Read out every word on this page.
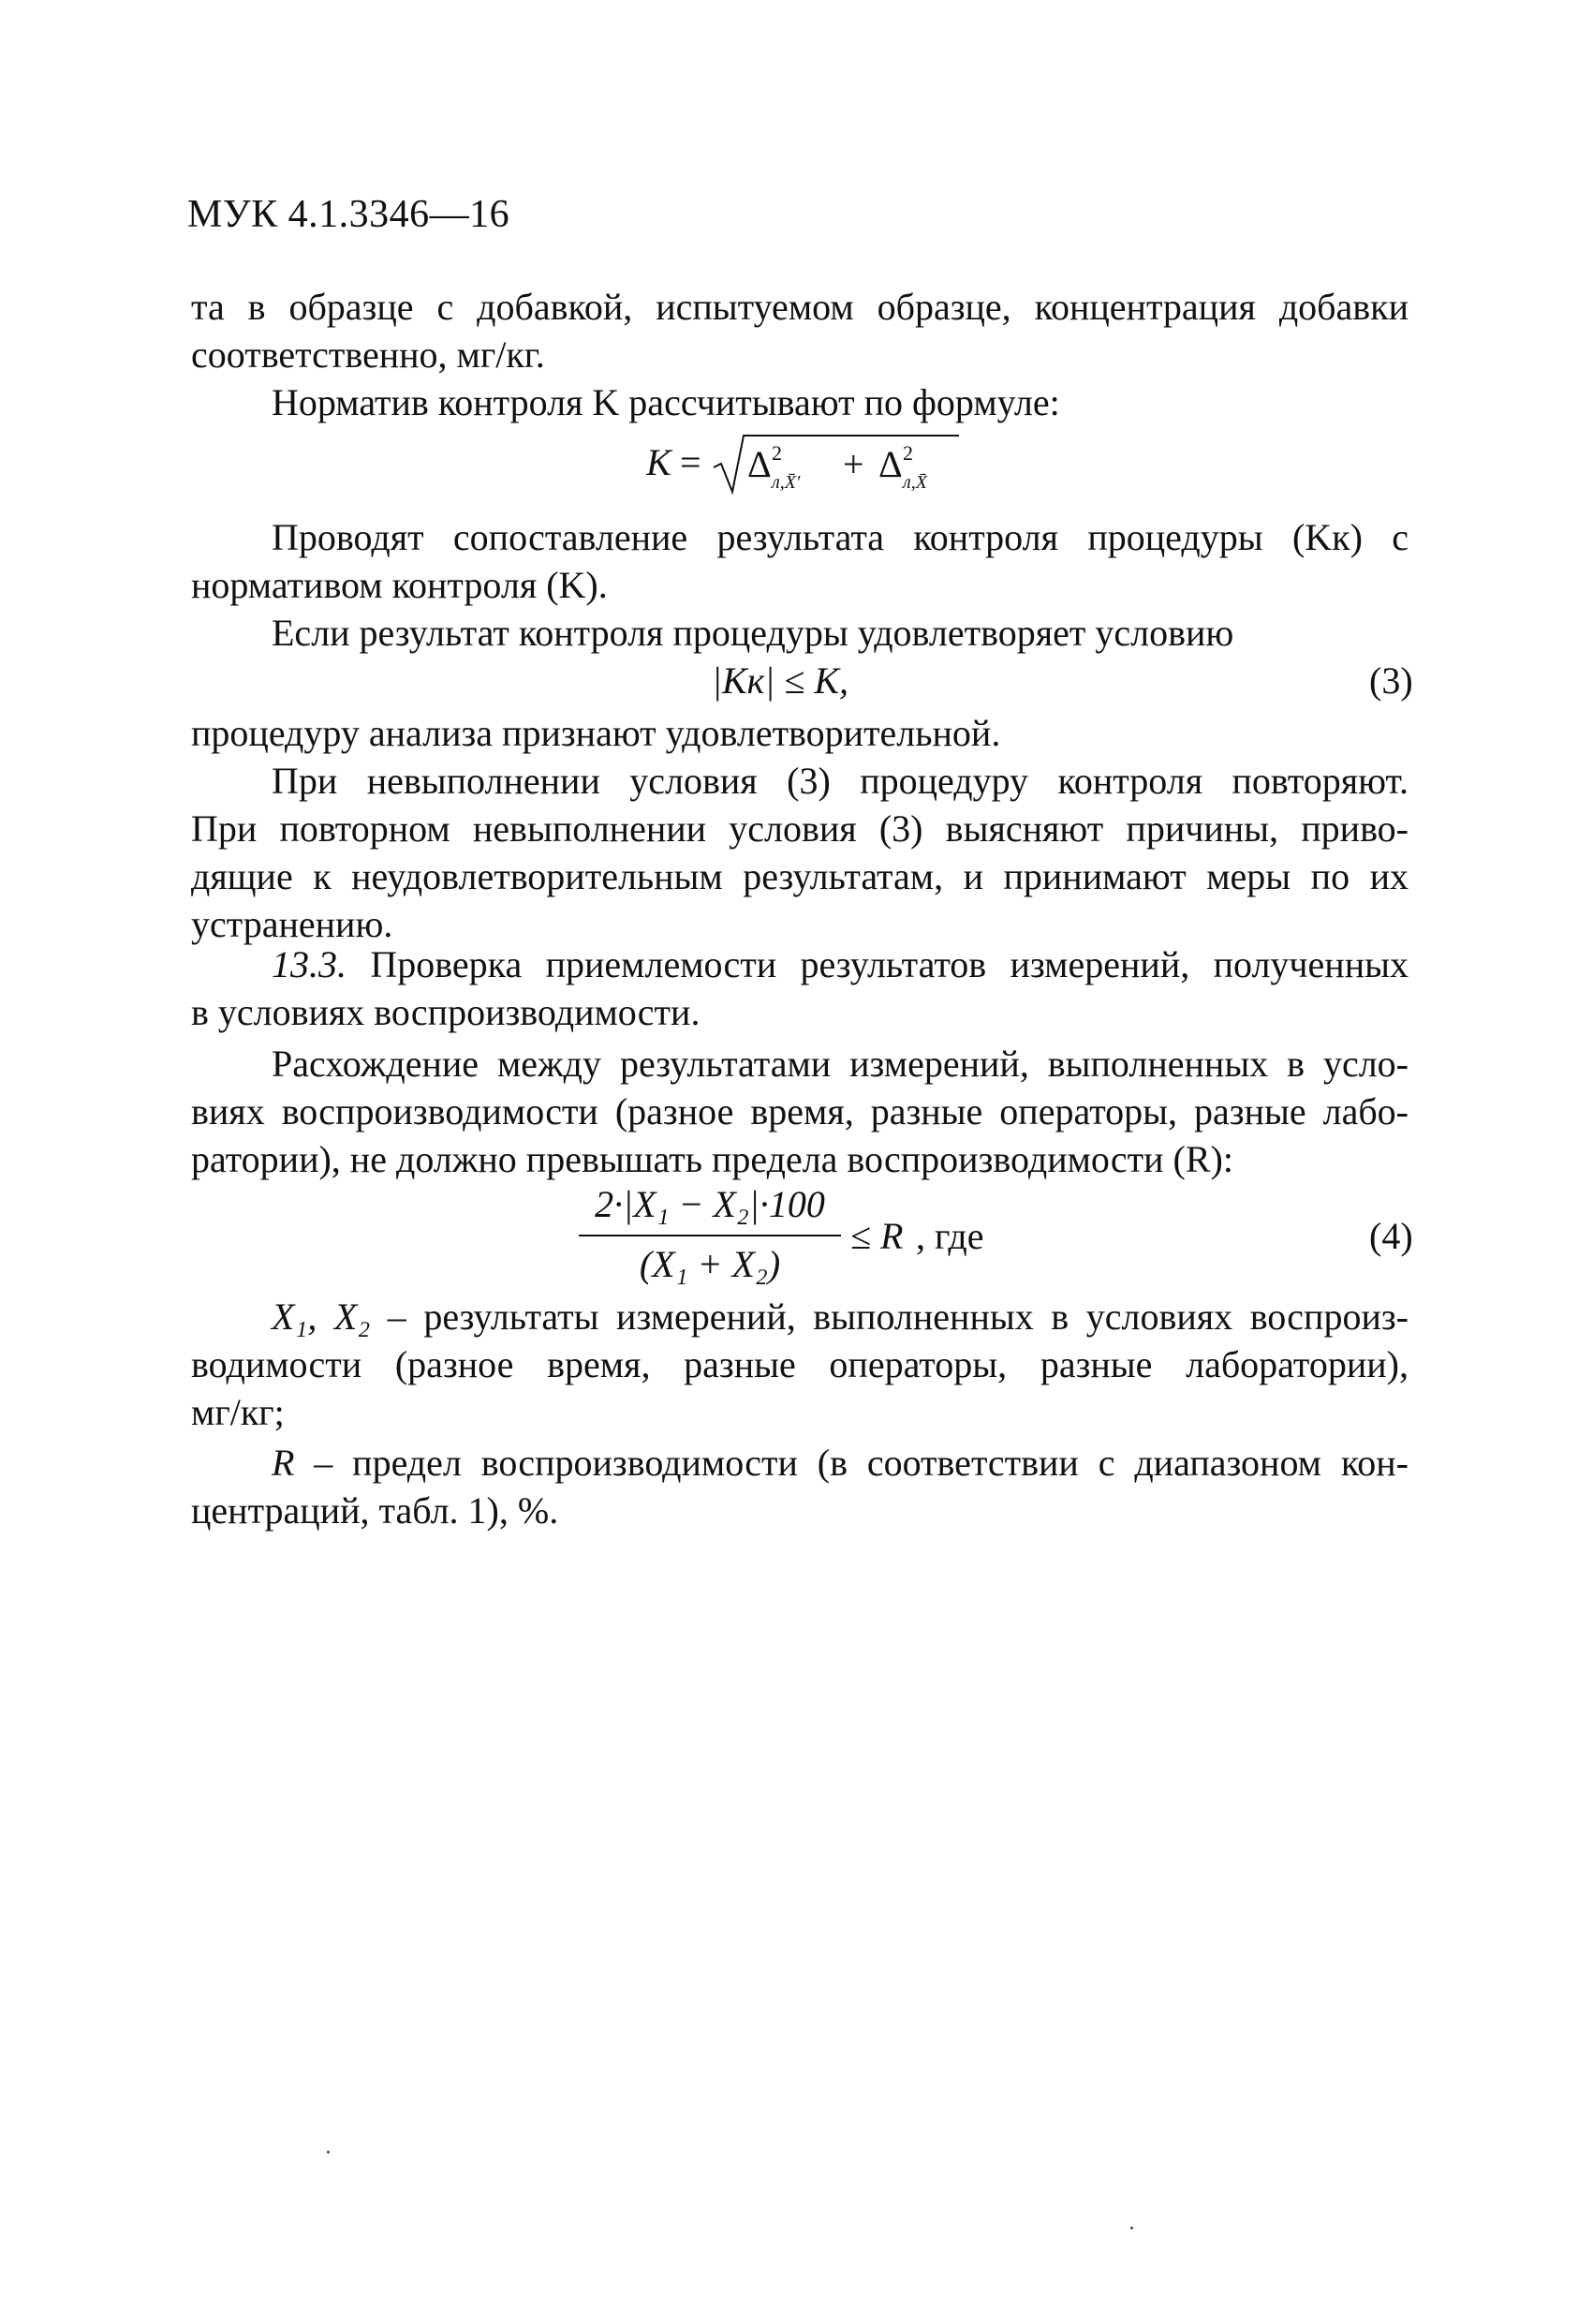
МУК 4.1.3346—16
та в образце с добавкой, испытуемом образце, концентрация добавки
соответственно, мг/кг.
Норматив контроля K рассчитывают по формуле:
K = Δ 2
л,X̄′ + Δ 2
л,X̄
Проводят сопоставление результата контроля процедуры (Kк) с
нормативом контроля (K).
Если результат контроля процедуры удовлетворяет условию
|Kк| ≤ K,	(3)
процедуру анализа признают удовлетворительной.
При невыполнении условия (3) процедуру контроля повторяют.
При повторном невыполнении условия (3) выясняют причины, приво-
дящие к неудовлетворительным результатам, и принимают меры по их
устранению.
13.3. Проверка приемлемости результатов измерений, полученных
в условиях воспроизводимости.
Расхождение между результатами измерений, выполненных в усло-
виях воспроизводимости (разное время, разные операторы, разные лабо-
ратории), не должно превышать предела воспроизводимости (R):
2·|X₁ − X₂|·100
(X₁ + X₂)
≤ R , где	(4)
X₁, X₂ – результаты измерений, выполненных в условиях воспроиз-
водимости (разное время, разные операторы, разные лаборатории),
мг/кг;
R – предел воспроизводимости (в соответствии с диапазоном кон-
центраций, табл. 1), %.
